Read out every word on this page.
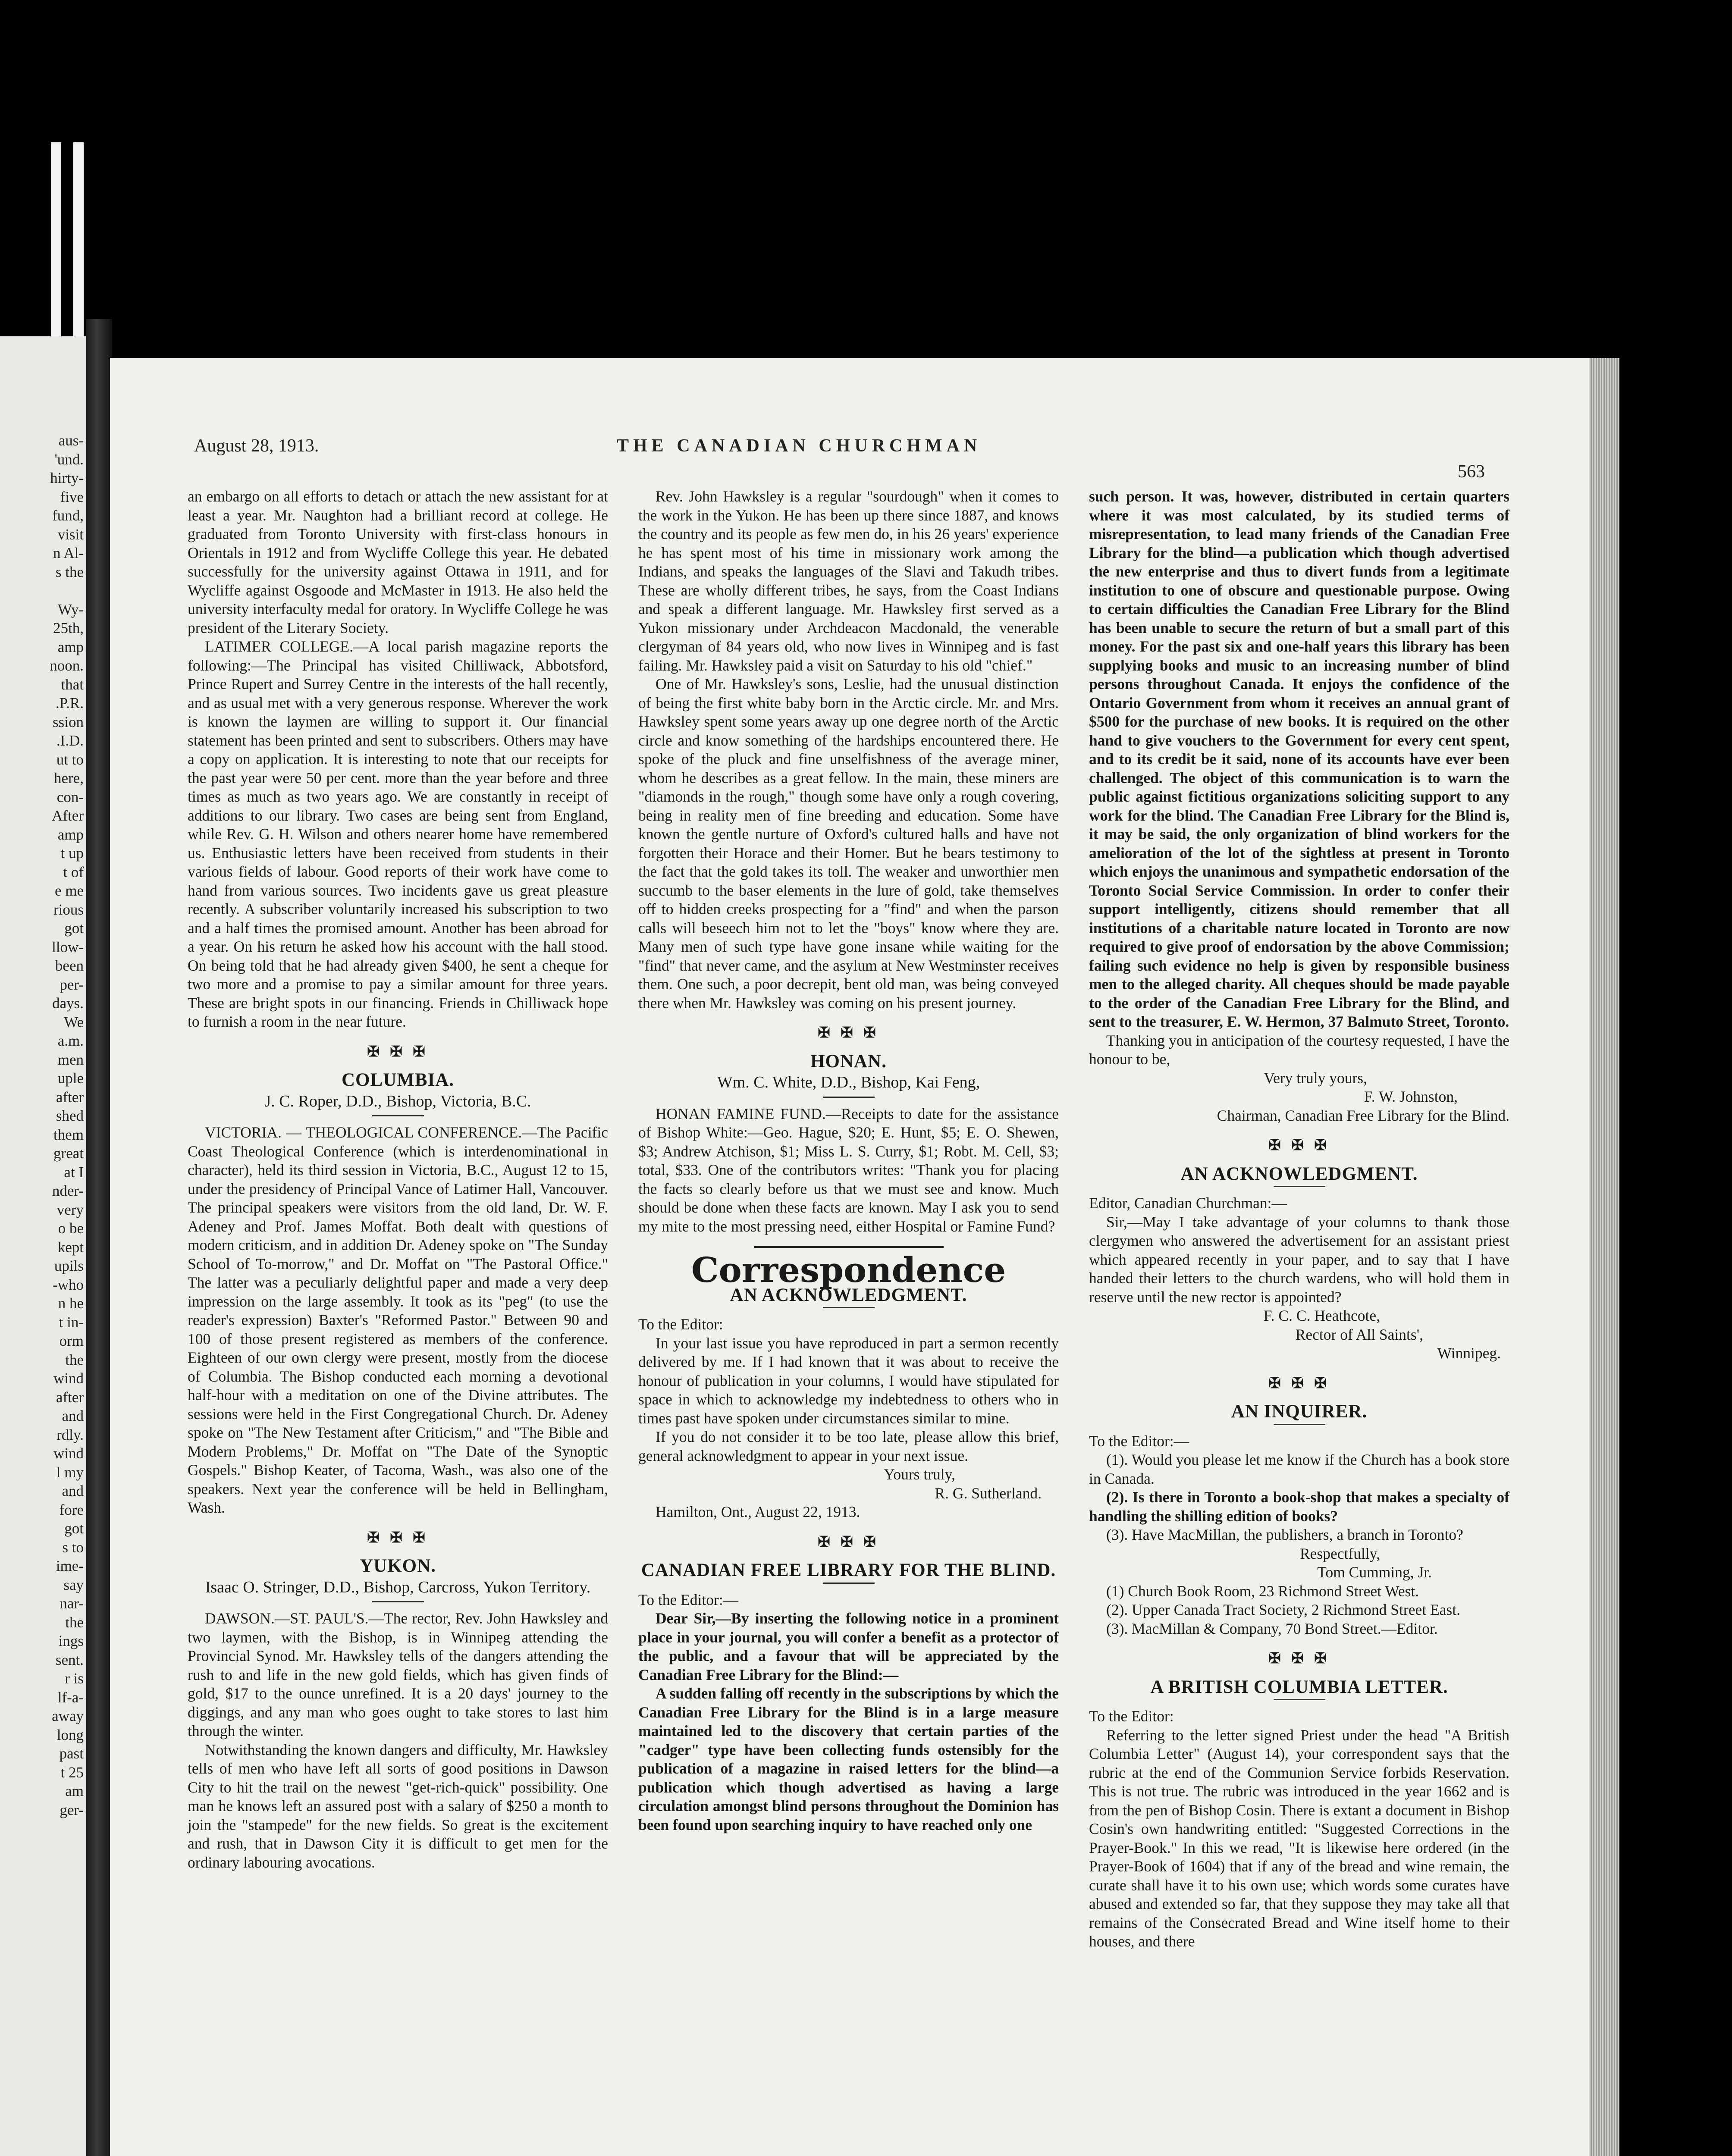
aus-
'und.
hirty-
five
fund,
visit
n Al-
s the

Wy-
25th,
amp
noon.
that
.P.R.
ssion
.I.D.
ut to
here,
con-
After
amp
t up
t of
e me
rious
got
llow-
been
per-
days.
We
a.m.
men
uple
after
shed
them
great
at I
nder-
very
o be
kept
upils
-who
n he
t in-
orm
the
wind
after
and
rdly.
wind
l my
and
fore
got
s to
ime-
say
nar-
the
ings
sent.
r is
lf-a-
away
long
past
t 25
am
ger-
August 28, 1913.	THE CANADIAN CHURCHMAN
563

an embargo on all efforts to detach or attach the new assistant for at least a year. Mr. Naughton had a brilliant record at college. He graduated from Toronto University with first-class honours in Orientals in 1912 and from Wycliffe College this year. He debated successfully for the university against Ottawa in 1911, and for Wycliffe against Osgoode and McMaster in 1913. He also held the university interfaculty medal for oratory. In Wycliffe College he was president of the Literary Society.

LATIMER COLLEGE.—A local parish magazine reports the following:—The Principal has visited Chilliwack, Abbotsford, Prince Rupert and Surrey Centre in the interests of the hall recently, and as usual met with a very generous response. Wherever the work is known the laymen are willing to support it. Our financial statement has been printed and sent to subscribers. Others may have a copy on application. It is interesting to note that our receipts for the past year were 50 per cent. more than the year before and three times as much as two years ago. We are constantly in receipt of additions to our library. Two cases are being sent from England, while Rev. G. H. Wilson and others nearer home have remembered us. Enthusiastic letters have been received from students in their various fields of labour. Good reports of their work have come to hand from various sources. Two incidents gave us great pleasure recently. A subscriber voluntarily increased his subscription to two and a half times the promised amount. Another has been abroad for a year. On his return he asked how his account with the hall stood. On being told that he had already given $400, he sent a cheque for two more and a promise to pay a similar amount for three years. These are bright spots in our financing. Friends in Chilliwack hope to furnish a room in the near future.

✠ ✠ ✠
COLUMBIA.
J. C. Roper, D.D., Bishop, Victoria, B.C.

VICTORIA. — THEOLOGICAL CONFERENCE.—The Pacific Coast Theological Conference (which is interdenominational in character), held its third session in Victoria, B.C., August 12 to 15, under the presidency of Principal Vance of Latimer Hall, Vancouver. The principal speakers were visitors from the old land, Dr. W. F. Adeney and Prof. James Moffat. Both dealt with questions of modern criticism, and in addition Dr. Adeney spoke on "The Sunday School of To-morrow," and Dr. Moffat on "The Pastoral Office." The latter was a peculiarly delightful paper and made a very deep impression on the large assembly. It took as its "peg" (to use the reader's expression) Baxter's "Reformed Pastor." Between 90 and 100 of those present registered as members of the conference. Eighteen of our own clergy were present, mostly from the diocese of Columbia. The Bishop conducted each morning a devotional half-hour with a meditation on one of the Divine attributes. The sessions were held in the First Congregational Church. Dr. Adeney spoke on "The New Testament after Criticism," and "The Bible and Modern Problems," Dr. Moffat on "The Date of the Synoptic Gospels." Bishop Keater, of Tacoma, Wash., was also one of the speakers. Next year the conference will be held in Bellingham, Wash.

✠ ✠ ✠
YUKON.
Isaac O. Stringer, D.D., Bishop, Carcross, Yukon Territory.

DAWSON.—ST. PAUL'S.—The rector, Rev. John Hawksley and two laymen, with the Bishop, is in Winnipeg attending the Provincial Synod. Mr. Hawksley tells of the dangers attending the rush to and life in the new gold fields, which has given finds of gold, $17 to the ounce unrefined. It is a 20 days' journey to the diggings, and any man who goes ought to take stores to last him through the winter.

Notwithstanding the known dangers and difficulty, Mr. Hawksley tells of men who have left all sorts of good positions in Dawson City to hit the trail on the newest "get-rich-quick" possibility. One man he knows left an assured post with a salary of $250 a month to join the "stampede" for the new fields. So great is the excitement and rush, that in Dawson City it is difficult to get men for the ordinary labouring avocations.

Rev. John Hawksley is a regular "sourdough" when it comes to the work in the Yukon. He has been up there since 1887, and knows the country and its people as few men do, in his 26 years' experience he has spent most of his time in missionary work among the Indians, and speaks the languages of the Slavi and Takudh tribes. These are wholly different tribes, he says, from the Coast Indians and speak a different language. Mr. Hawksley first served as a Yukon missionary under Archdeacon Macdonald, the venerable clergyman of 84 years old, who now lives in Winnipeg and is fast failing. Mr. Hawksley paid a visit on Saturday to his old "chief."

One of Mr. Hawksley's sons, Leslie, had the unusual distinction of being the first white baby born in the Arctic circle. Mr. and Mrs. Hawksley spent some years away up one degree north of the Arctic circle and know something of the hardships encountered there. He spoke of the pluck and fine unselfishness of the average miner, whom he describes as a great fellow. In the main, these miners are "diamonds in the rough," though some have only a rough covering, being in reality men of fine breeding and education. Some have known the gentle nurture of Oxford's cultured halls and have not forgotten their Horace and their Homer. But he bears testimony to the fact that the gold takes its toll. The weaker and unworthier men succumb to the baser elements in the lure of gold, take themselves off to hidden creeks prospecting for a "find" and when the parson calls will beseech him not to let the "boys" know where they are. Many men of such type have gone insane while waiting for the "find" that never came, and the asylum at New Westminster receives them. One such, a poor decrepit, bent old man, was being conveyed there when Mr. Hawksley was coming on his present journey.

✠ ✠ ✠
HONAN.
Wm. C. White, D.D., Bishop, Kai Feng,

HONAN FAMINE FUND.—Receipts to date for the assistance of Bishop White:—Geo. Hague, $20; E. Hunt, $5; E. O. Shewen, $3; Andrew Atchison, $1; Miss L. S. Curry, $1; Robt. M. Cell, $3; total, $33. One of the contributors writes: "Thank you for placing the facts so clearly before us that we must see and know. Much should be done when these facts are known. May I ask you to send my mite to the most pressing need, either Hospital or Famine Fund?

Correspondence
AN ACKNOWLEDGMENT.

To the Editor:

In your last issue you have reproduced in part a sermon recently delivered by me. If I had known that it was about to receive the honour of publication in your columns, I would have stipulated for space in which to acknowledge my indebtedness to others who in times past have spoken under circumstances similar to mine.

If you do not consider it to be too late, please allow this brief, general acknowledgment to appear in your next issue.

Yours truly,

R. G. Sutherland.

Hamilton, Ont., August 22, 1913.

✠ ✠ ✠
CANADIAN FREE LIBRARY FOR THE BLIND.

To the Editor:—

Dear Sir,—By inserting the following notice in a prominent place in your journal, you will confer a benefit as a protector of the public, and a favour that will be appreciated by the Canadian Free Library for the Blind:—

A sudden falling off recently in the subscriptions by which the Canadian Free Library for the Blind is in a large measure maintained led to the discovery that certain parties of the "cadger" type have been collecting funds ostensibly for the publication of a magazine in raised letters for the blind—a publication which though advertised as having a large circulation amongst blind persons throughout the Dominion has been found upon searching inquiry to have reached only one

such person. It was, however, distributed in certain quarters where it was most calculated, by its studied terms of misrepresentation, to lead many friends of the Canadian Free Library for the blind—a publication which though advertised the new enterprise and thus to divert funds from a legitimate institution to one of obscure and questionable purpose. Owing to certain difficulties the Canadian Free Library for the Blind has been unable to secure the return of but a small part of this money. For the past six and one-half years this library has been supplying books and music to an increasing number of blind persons throughout Canada. It enjoys the confidence of the Ontario Government from whom it receives an annual grant of $500 for the purchase of new books. It is required on the other hand to give vouchers to the Government for every cent spent, and to its credit be it said, none of its accounts have ever been challenged. The object of this communication is to warn the public against fictitious organizations soliciting support to any work for the blind. The Canadian Free Library for the Blind is, it may be said, the only organization of blind workers for the amelioration of the lot of the sightless at present in Toronto which enjoys the unanimous and sympathetic endorsation of the Toronto Social Service Commission. In order to confer their support intelligently, citizens should remember that all institutions of a charitable nature located in Toronto are now required to give proof of endorsation by the above Commission; failing such evidence no help is given by responsible business men to the alleged charity. All cheques should be made payable to the order of the Canadian Free Library for the Blind, and sent to the treasurer, E. W. Hermon, 37 Balmuto Street, Toronto.

Thanking you in anticipation of the courtesy requested, I have the honour to be,

Very truly yours,

F. W. Johnston,

Chairman, Canadian Free Library for the Blind.

✠ ✠ ✠
AN ACKNOWLEDGMENT.

Editor, Canadian Churchman:—

Sir,—May I take advantage of your columns to thank those clergymen who answered the advertisement for an assistant priest which appeared recently in your paper, and to say that I have handed their letters to the church wardens, who will hold them in reserve until the new rector is appointed?

F. C. C. Heathcote,

Rector of All Saints',

Winnipeg.

✠ ✠ ✠
AN INQUIRER.

To the Editor:—

(1). Would you please let me know if the Church has a book store in Canada.

(2). Is there in Toronto a book-shop that makes a specialty of handling the shilling edition of books?

(3). Have MacMillan, the publishers, a branch in Toronto?

Respectfully,

Tom Cumming, Jr.

(1) Church Book Room, 23 Richmond Street West.

(2). Upper Canada Tract Society, 2 Richmond Street East.

(3). MacMillan & Company, 70 Bond Street.—Editor.

✠ ✠ ✠
A BRITISH COLUMBIA LETTER.

To the Editor:

Referring to the letter signed Priest under the head "A British Columbia Letter" (August 14), your correspondent says that the rubric at the end of the Communion Service forbids Reservation. This is not true. The rubric was introduced in the year 1662 and is from the pen of Bishop Cosin. There is extant a document in Bishop Cosin's own handwriting entitled: "Suggested Corrections in the Prayer-Book." In this we read, "It is likewise here ordered (in the Prayer-Book of 1604) that if any of the bread and wine remain, the curate shall have it to his own use; which words some curates have abused and extended so far, that they suppose they may take all that remains of the Consecrated Bread and Wine itself home to their houses, and there
